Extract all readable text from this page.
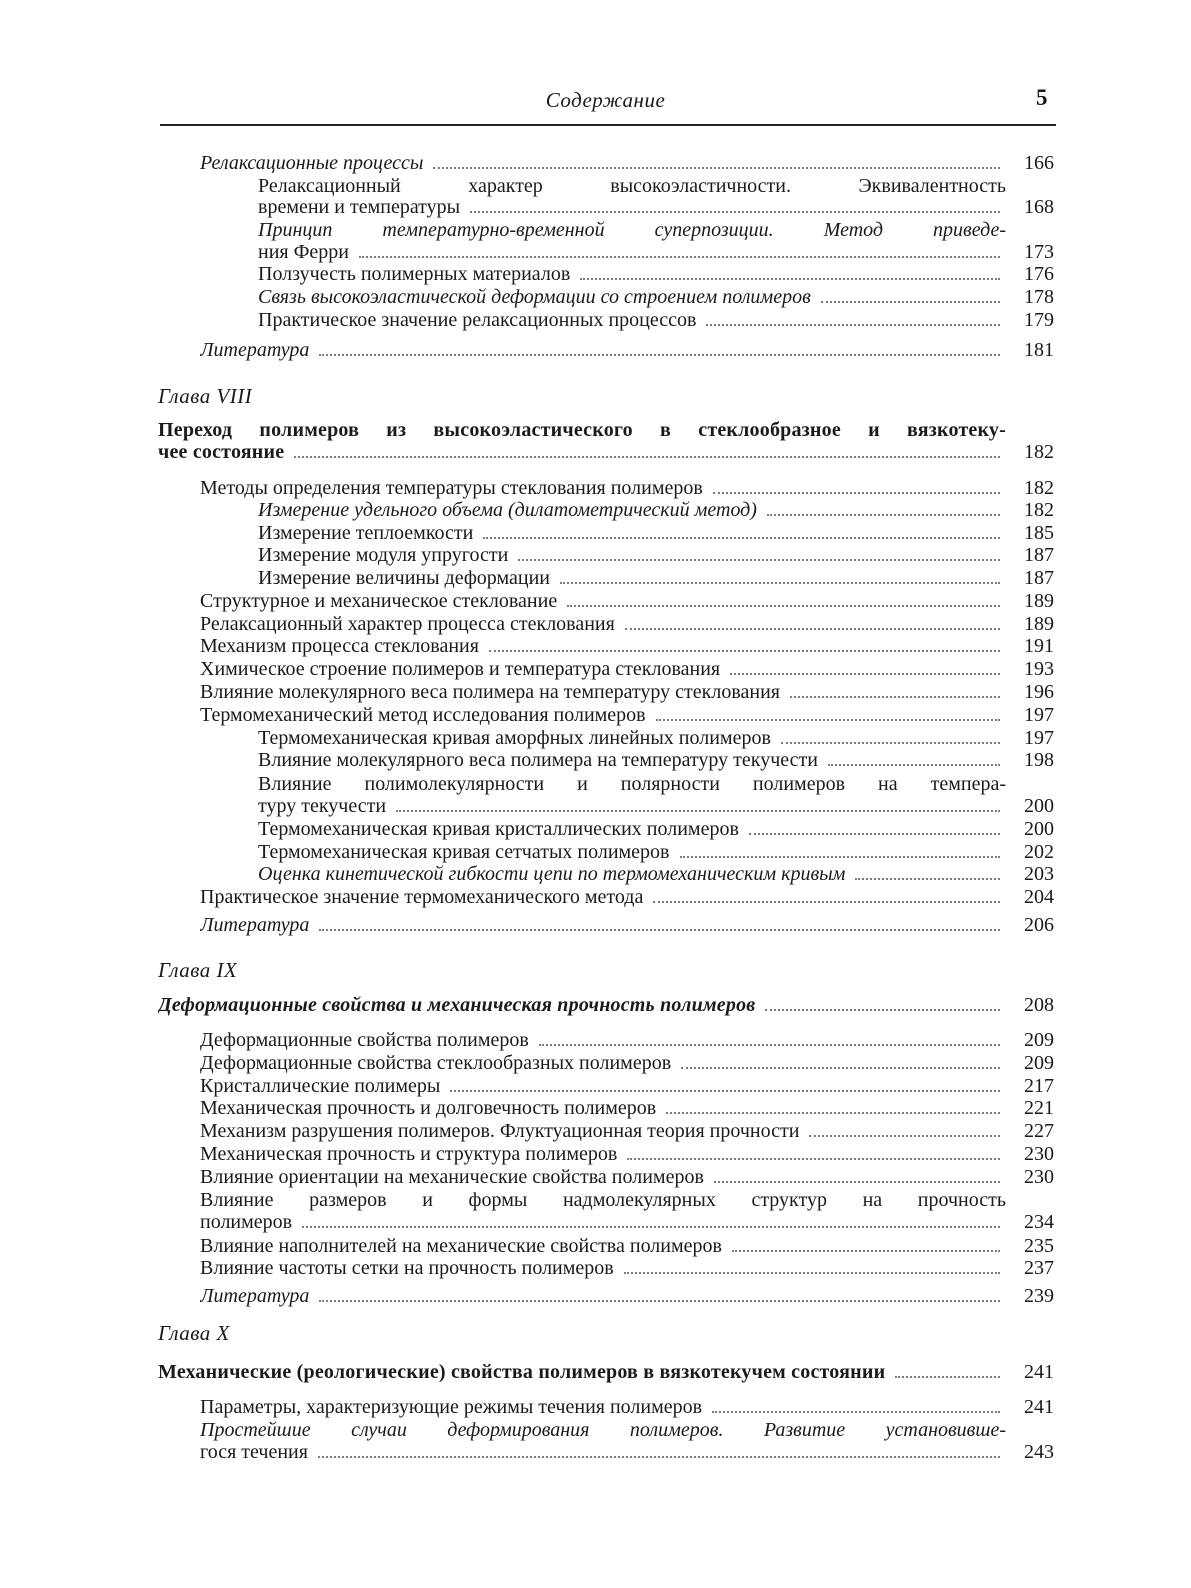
Содержание	5
166
Релаксационные процессы
Релаксационный характер высокоэластичности. Эквивалентность
168
времени и температуры
Принцип температурно-временной суперпозиции. Метод приведе-
173
ния Ферри
176
Ползучесть полимерных материалов
178
Связь высокоэластической деформации со строением полимеров
179
Практическое значение релаксационных процессов
181
Литература
Глава VIII
Переход полимеров из высокоэластического в стеклообразное и вязкотеку-
182
чее состояние
182
Методы определения температуры стеклования полимеров
182
Измерение удельного объема (дилатометрический метод)
185
Измерение теплоемкости
187
Измерение модуля упругости
187
Измерение величины деформации
189
Структурное и механическое стеклование
189
Релаксационный характер процесса стеклования
191
Механизм процесса стеклования
193
Химическое строение полимеров и температура стеклования
196
Влияние молекулярного веса полимера на температуру стеклования
197
Термомеханический метод исследования полимеров
197
Термомеханическая кривая аморфных линейных полимеров
198
Влияние молекулярного веса полимера на температуру текучести
Влияние полимолекулярности и полярности полимеров на темпера-
200
туру текучести
200
Термомеханическая кривая кристаллических полимеров
202
Термомеханическая кривая сетчатых полимеров
203
Оценка кинетической гибкости цепи по термомеханическим кривым
204
Практическое значение термомеханического метода
206
Литература
Глава IX
208
Деформационные свойства и механическая прочность полимеров
209
Деформационные свойства полимеров
209
Деформационные свойства стеклообразных полимеров
217
Кристаллические полимеры
221
Механическая прочность и долговечность полимеров
227
Механизм разрушения полимеров. Флуктуационная теория прочности
230
Механическая прочность и структура полимеров
230
Влияние ориентации на механические свойства полимеров
Влияние размеров и формы надмолекулярных структур на прочность
234
полимеров
235
Влияние наполнителей на механические свойства полимеров
237
Влияние частоты сетки на прочность полимеров
239
Литература
Глава X
241
Механические (реологические) свойства полимеров в вязкотекучем состоянии
241
Параметры, характеризующие режимы течения полимеров
Простейшие случаи деформирования полимеров. Развитие установивше-
243
гося течения
